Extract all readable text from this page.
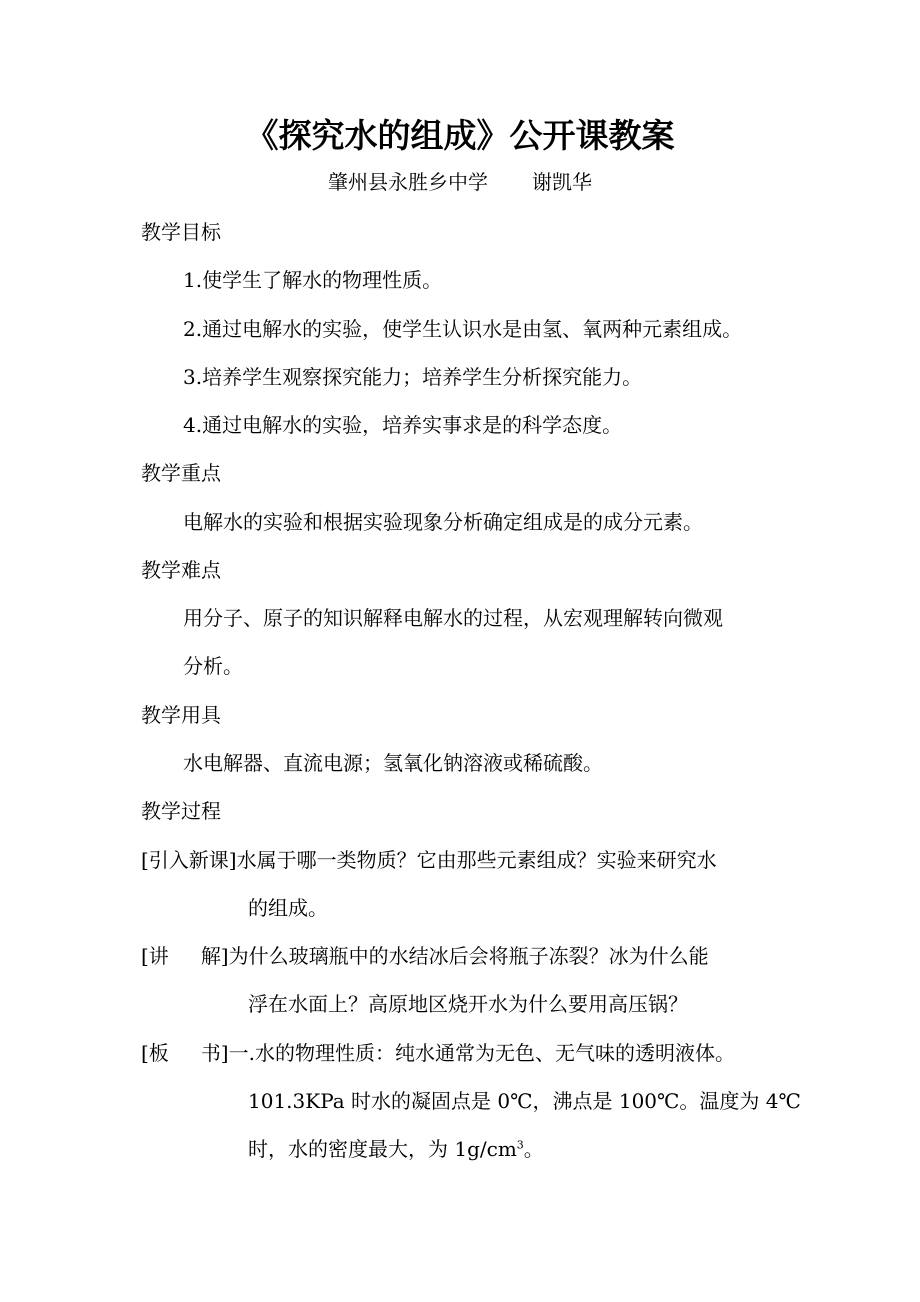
《探究水的组成》公开课教案
肇州县永胜乡中学 谢凯华
教学目标
1.使学生了解水的物理性质。
2.通过电解水的实验，使学生认识水是由氢、氧两种元素组成。
3.培养学生观察探究能力；培养学生分析探究能力。
4.通过电解水的实验，培养实事求是的科学态度。
教学重点
电解水的实验和根据实验现象分析确定组成是的成分元素。
教学难点
用分子、原子的知识解释电解水的过程，从宏观理解转向微观
分析。
教学用具
水电解器、直流电源；氢氧化钠溶液或稀硫酸。
教学过程
[引入新课]水属于哪一类物质？它由那些元素组成？实验来研究水
的组成。
[讲 解]为什么玻璃瓶中的水结冰后会将瓶子冻裂？冰为什么能
浮在水面上？高原地区烧开水为什么要用高压锅？
[板 书]一.水的物理性质：纯水通常为无色、无气味的透明液体。
101.3KPa 时水的凝固点是 0℃，沸点是 100℃。温度为 4℃
时，水的密度最大，为 $1g/cm^3$。
